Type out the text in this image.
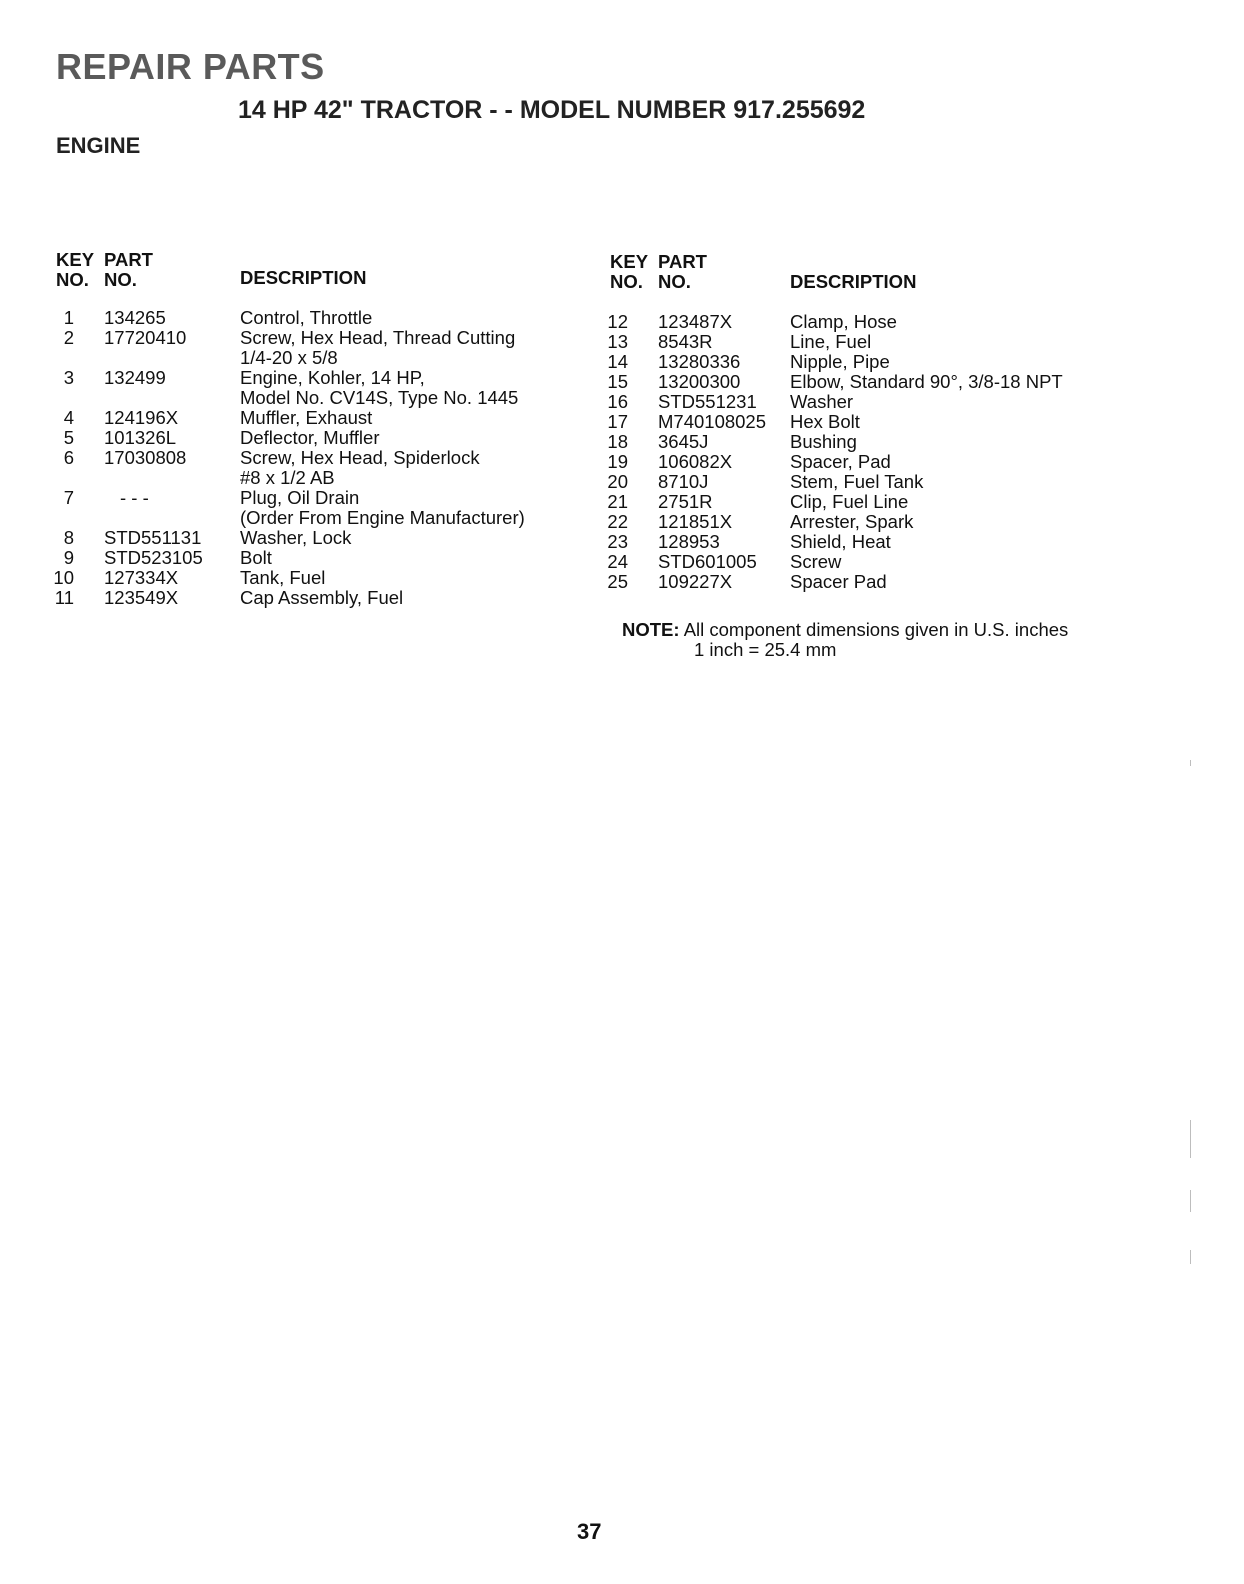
REPAIR PARTS
14 HP 42" TRACTOR - - MODEL NUMBER 917.255692
ENGINE
KEY
NO.
PART
NO.	DESCRIPTION
1 134265	Control, Throttle
2 17720410	Screw, Hex Head, Thread Cutting
1/4-20 x 5/8
3 132499	Engine, Kohler, 14 HP,
Model No. CV14S, Type No. 1445
4 124196X	Muffler, Exhaust
5 101326L	Deflector, Muffler
6 17030808	Screw, Hex Head, Spiderlock
#8 x 1/2 AB
7 - - -	Plug, Oil Drain
(Order From Engine Manufacturer)
8 STD551131 Washer, Lock
9 STD523105 Bolt
10 127334X	Tank, Fuel
11 123549X	Cap Assembly, Fuel
KEY
NO.
PART
NO.	DESCRIPTION
12 123487X	Clamp, Hose
13 8543R	Line, Fuel
14 13280336	Nipple, Pipe
15 13200300	Elbow, Standard 90°, 3/8-18 NPT
16 STD551231 Washer
17 M740108025 Hex Bolt
18 3645J	Bushing
19 106082X	Spacer, Pad
20 8710J	Stem, Fuel Tank
21 2751R	Clip, Fuel Line
22 121851X	Arrester, Spark
23 128953	Shield, Heat
24 STD601005 Screw
25 109227X	Spacer Pad
NOTE: All component dimensions given in U.S. inches
1 inch = 25.4 mm
37
